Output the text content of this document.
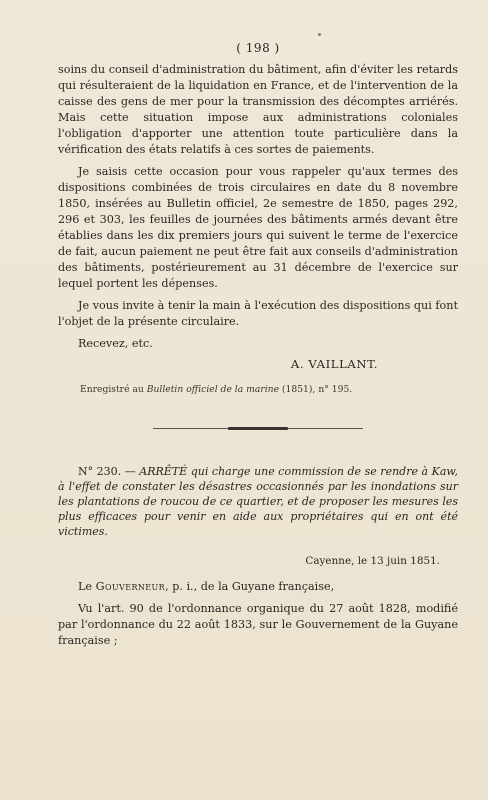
( 198 )

soins du conseil d'administration du bâtiment, afin d'éviter les retards qui résulteraient de la liquidation en France, et de l'intervention de la caisse des gens de mer pour la transmission des décomptes arriérés. Mais cette situation impose aux administrations coloniales l'obligation d'apporter une attention toute particulière dans la vérification des états relatifs à ces sortes de paiements.

Je saisis cette occasion pour vous rappeler qu'aux termes des dispositions combinées de trois circulaires en date du 8 novembre 1850, insérées au Bulletin officiel, 2e semestre de 1850, pages 292, 296 et 303, les feuilles de journées des bâtiments armés devant être établies dans les dix premiers jours qui suivent le terme de l'exercice de fait, aucun paiement ne peut être fait aux conseils d'administration des bâtiments, postérieurement au 31 décembre de l'exercice sur lequel portent les dépenses.

Je vous invite à tenir la main à l'exécution des dispositions qui font l'objet de la présente circulaire.

Recevez, etc.

A. VAILLANT.
Enregistré au Bulletin officiel de la marine (1851), n° 195.

N° 230. — ARRÊTÉ qui charge une commission de se rendre à Kaw, à l'effet de constater les désastres occasionnés par les inondations sur les plantations de roucou de ce quartier, et de proposer les mesures les plus efficaces pour venir en aide aux propriétaires qui en ont été victimes.

Cayenne, le 13 juin 1851.

Le Gouverneur, p. i., de la Guyane française,

Vu l'art. 90 de l'ordonnance organique du 27 août 1828, modifié par l'ordonnance du 22 août 1833, sur le Gouvernement de la Guyane française ;
